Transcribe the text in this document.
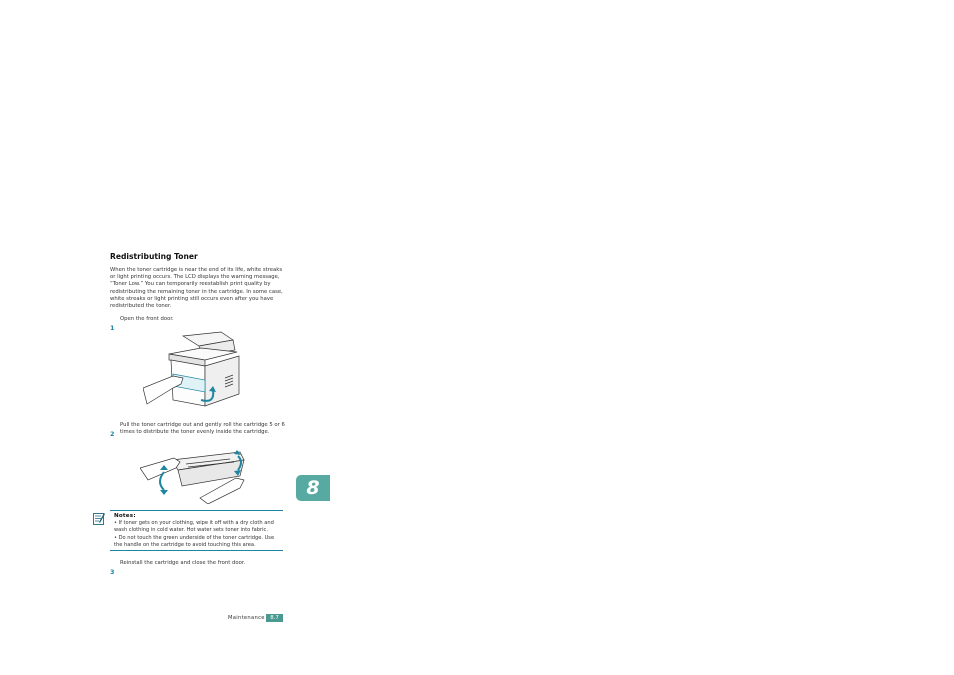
Redistributing Toner
When the toner cartridge is near the end of its life, white streaks or light printing occurs. The LCD displays the warning message, “Toner Low.” You can temporarily reestablish print quality by redistributing the remaining toner in the cartridge. In some case, white streaks or light printing still occurs even after you have redistributed the toner.
1
Open the front door.
2
Pull the toner cartridge out and gently roll the cartridge 5 or 6 times to distribute the toner evenly inside the cartridge.
Notes:
• If toner gets on your clothing, wipe it off with a dry cloth and wash clothing in cold water. Hot water sets toner into fabric.
• Do not touch the green underside of the toner cartridge. Use the handle on the cartridge to avoid touching this area.
3
Reinstall the cartridge and close the front door.
Maintenance	8.7
8
